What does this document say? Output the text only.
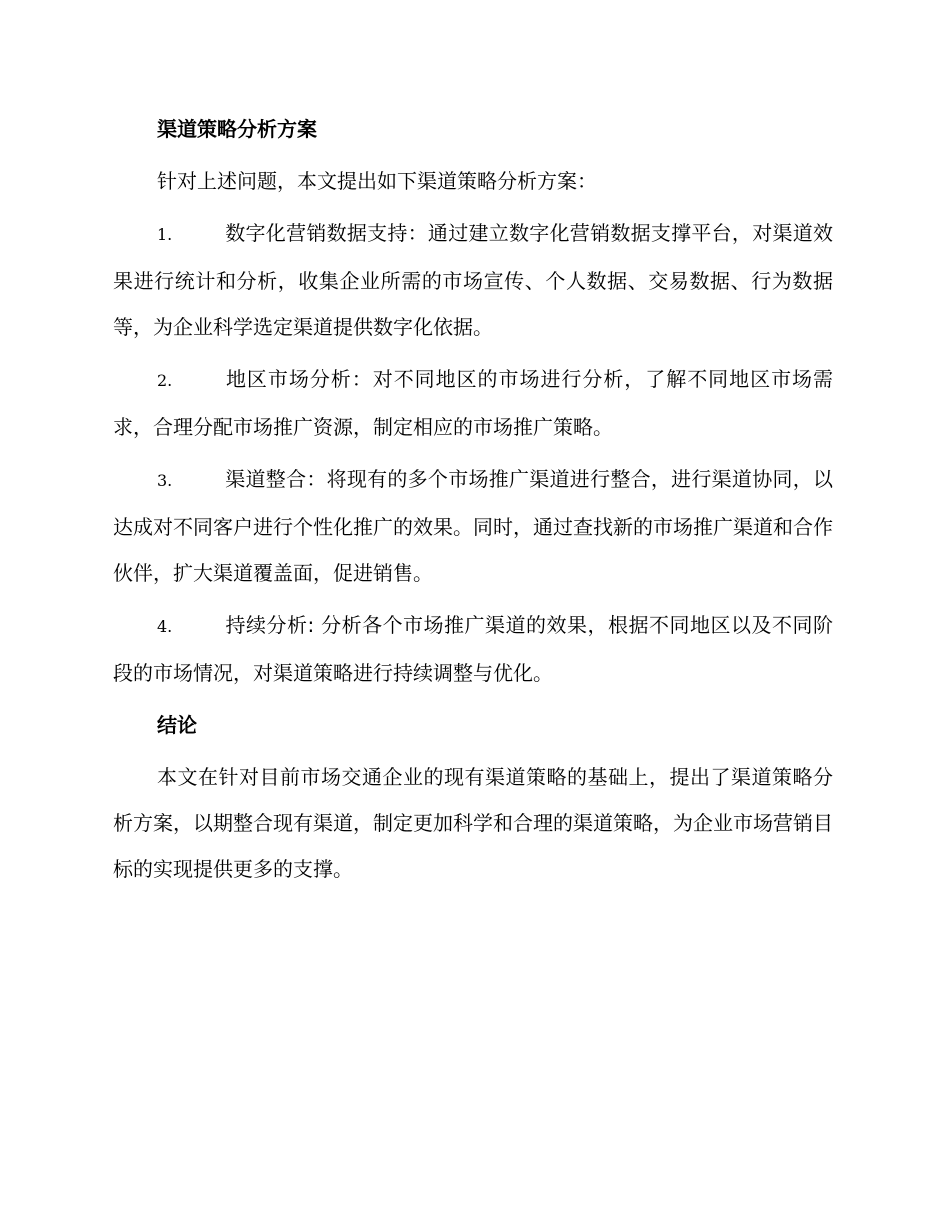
渠道策略分析方案

针对上述问题，本文提出如下渠道策略分析方案：

1.	数字化营销数据支持：通过建立数字化营销数据支撑平台，对渠道效果进行统计和分析，收集企业所需的市场宣传、个人数据、交易数据、行为数据等，为企业科学选定渠道提供数字化依据。

2.	地区市场分析：对不同地区的市场进行分析，了解不同地区市场需求，合理分配市场推广资源，制定相应的市场推广策略。

3.	渠道整合：将现有的多个市场推广渠道进行整合，进行渠道协同，以达成对不同客户进行个性化推广的效果。同时，通过查找新的市场推广渠道和合作伙伴，扩大渠道覆盖面，促进销售。

4.	持续分析: 分析各个市场推广渠道的效果，根据不同地区以及不同阶段的市场情况，对渠道策略进行持续调整与优化。

结论

本文在针对目前市场交通企业的现有渠道策略的基础上，提出了渠道策略分析方案，以期整合现有渠道，制定更加科学和合理的渠道策略，为企业市场营销目标的实现提供更多的支撑。
